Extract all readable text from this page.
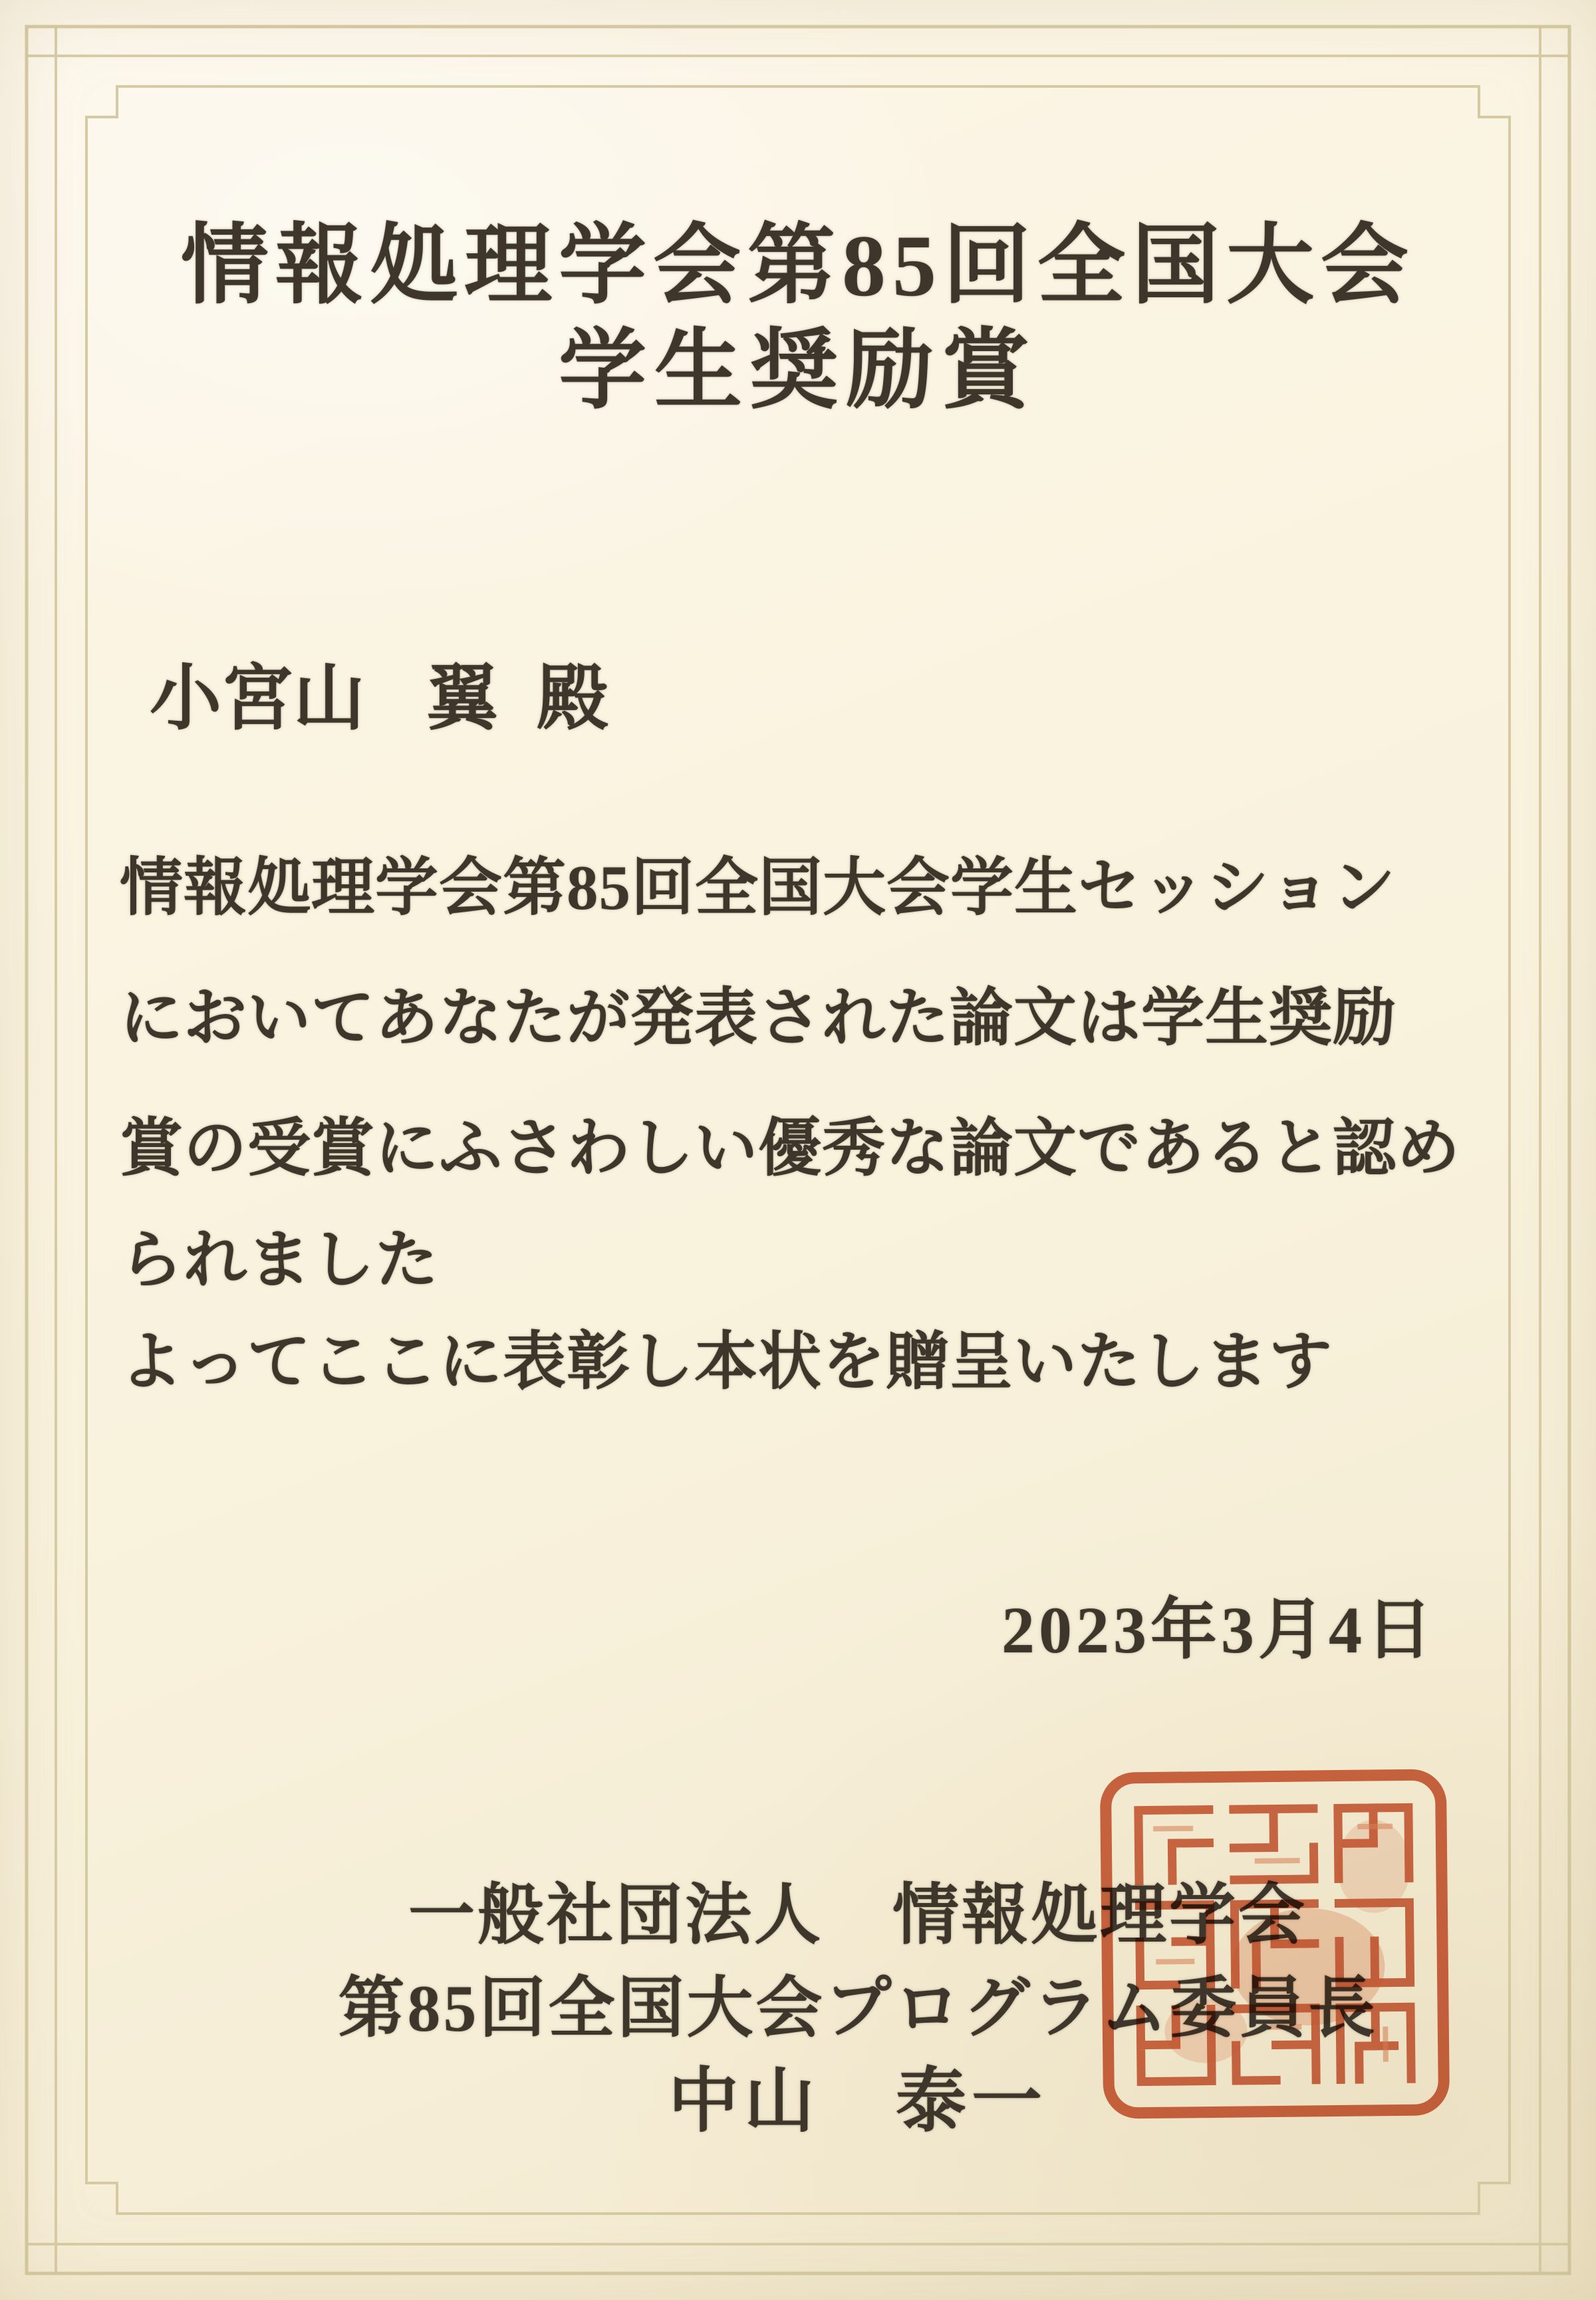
情報処理学会第85回全国大会
学生奨励賞
小宮山 翼 殿
情報処理学会第85回全国大会学生セッション
においてあなたが発表された論文は学生奨励
賞の受賞にふさわしい優秀な論文であると認め
られました
よってここに表彰し本状を贈呈いたします
2023年3月4日
一般社団法人　情報処理学会
第85回全国大会プログラム委員長
中山　泰一
